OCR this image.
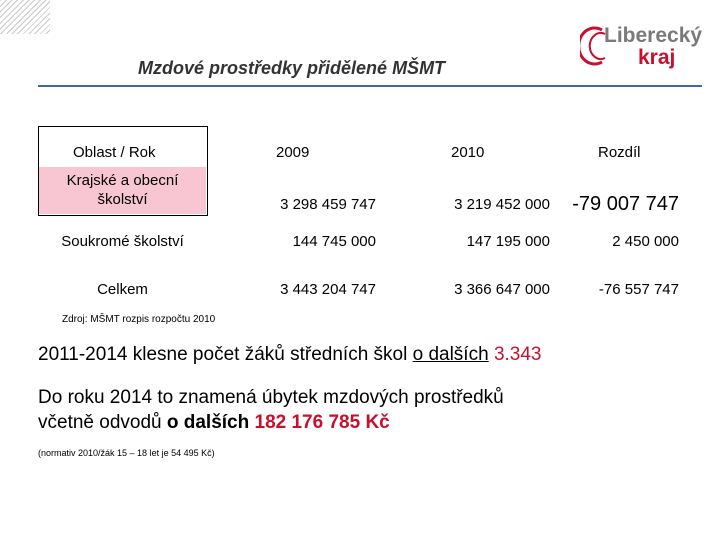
Liberecký
kraj
Mzdové prostředky přidělené MŠMT
Oblast / Rok	2009	2010	Rozdíl
Krajské a obecní
školství	3 298 459 747	3 219 452 000	-79 007 747
Soukromé školství	144 745 000	147 195 000	2 450 000
Celkem	3 443 204 747	3 366 647 000	-76 557 747
Zdroj: MŠMT rozpis rozpočtu 2010
2011-2014 klesne počet žáků středních škol o dalších 3.343
Do roku 2014 to znamená úbytek mzdových prostředků
včetně odvodů o dalších 182 176 785 Kč
(normativ 2010/žák 15 – 18 let je 54 495 Kč)
